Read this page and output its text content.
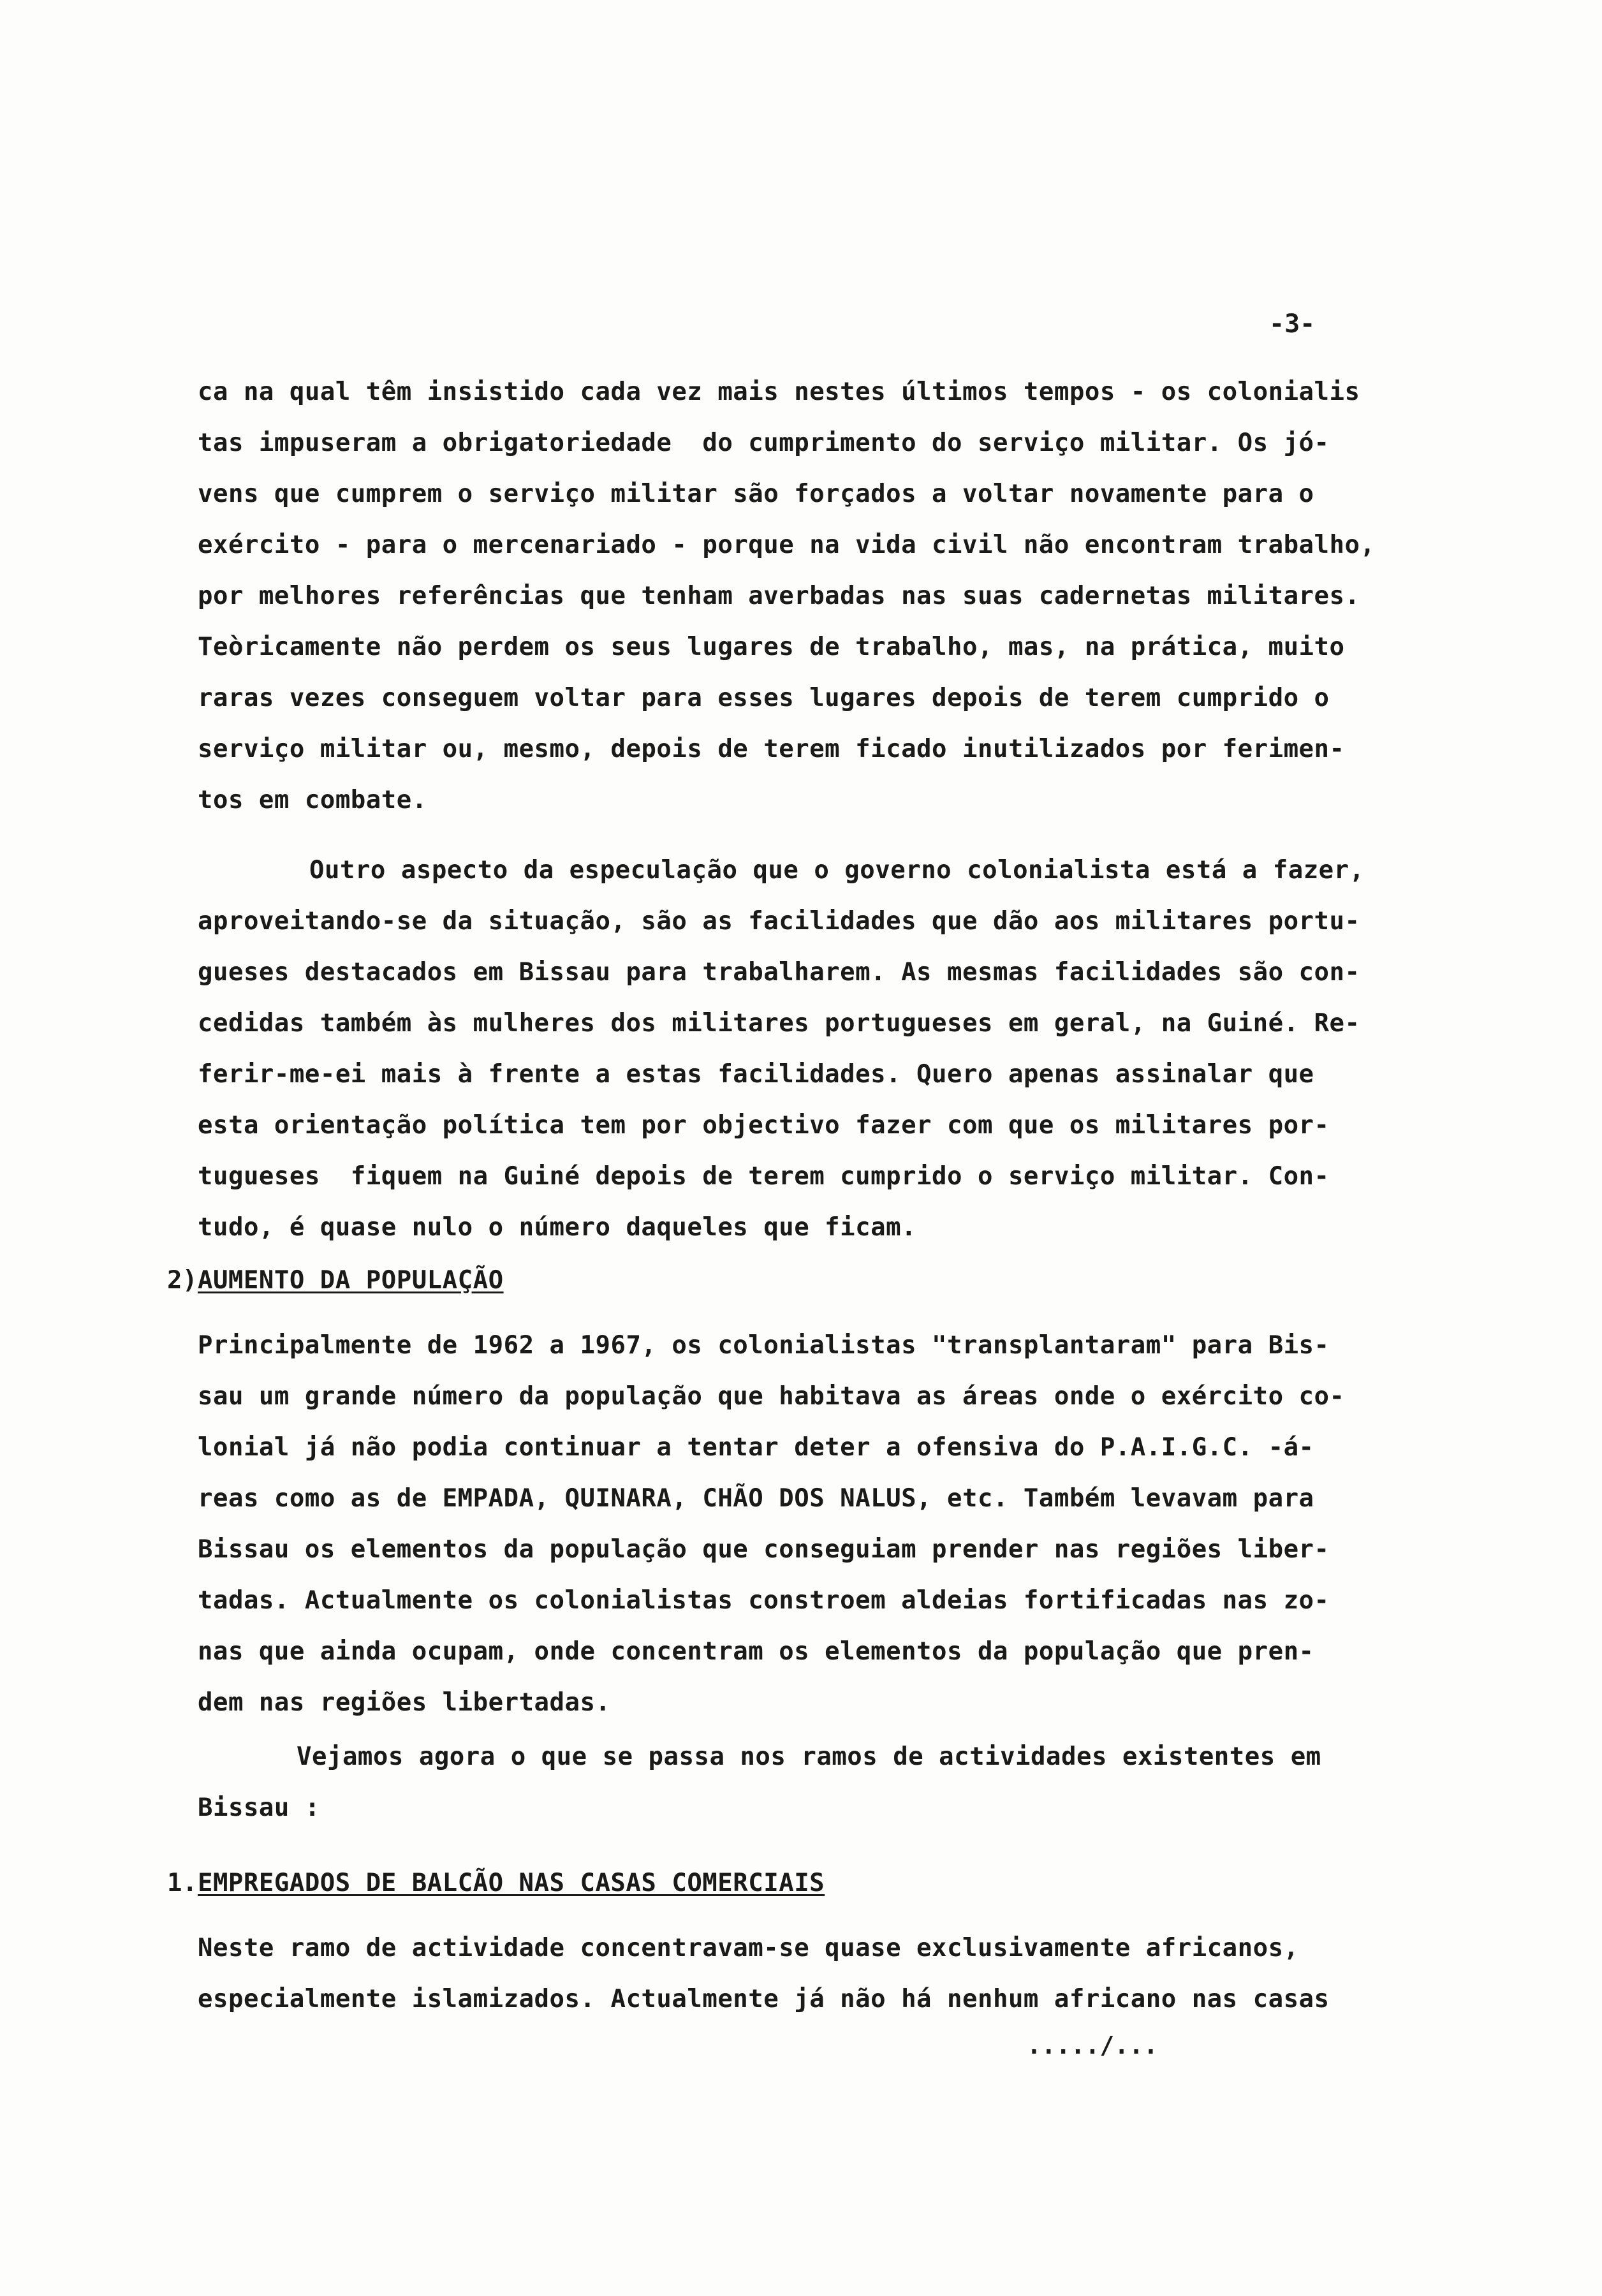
-3-
ca na qual têm insistido cada vez mais nestes últimos tempos - os colonialis
tas impuseram a obrigatoriedade  do cumprimento do serviço militar. Os jó-
vens que cumprem o serviço militar são forçados a voltar novamente para o
exército - para o mercenariado - porque na vida civil não encontram trabalho,
por melhores referências que tenham averbadas nas suas cadernetas militares.
Teòricamente não perdem os seus lugares de trabalho, mas, na prática, muito
raras vezes conseguem voltar para esses lugares depois de terem cumprido o
serviço militar ou, mesmo, depois de terem ficado inutilizados por ferimen-
tos em combate.
Outro aspecto da especulação que o governo colonialista está a fazer,
aproveitando-se da situação, são as facilidades que dão aos militares portu-
gueses destacados em Bissau para trabalharem. As mesmas facilidades são con-
cedidas também às mulheres dos militares portugueses em geral, na Guiné. Re-
ferir-me-ei mais à frente a estas facilidades. Quero apenas assinalar que
esta orientação política tem por objectivo fazer com que os militares por-
tugueses  fiquem na Guiné depois de terem cumprido o serviço militar. Con-
tudo, é quase nulo o número daqueles que ficam.
2)AUMENTO DA POPULAÇÃO
Principalmente de 1962 a 1967, os colonialistas "transplantaram" para Bis-
sau um grande número da população que habitava as áreas onde o exército co-
lonial já não podia continuar a tentar deter a ofensiva do P.A.I.G.C. -á-
reas como as de EMPADA, QUINARA, CHÃO DOS NALUS, etc. Também levavam para
Bissau os elementos da população que conseguiam prender nas regiões liber-
tadas. Actualmente os colonialistas constroem aldeias fortificadas nas zo-
nas que ainda ocupam, onde concentram os elementos da população que pren-
dem nas regiões libertadas.
Vejamos agora o que se passa nos ramos de actividades existentes em
Bissau :
1.EMPREGADOS DE BALCÃO NAS CASAS COMERCIAIS
Neste ramo de actividade concentravam-se quase exclusivamente africanos,
especialmente islamizados. Actualmente já não há nenhum africano nas casas
...../...
